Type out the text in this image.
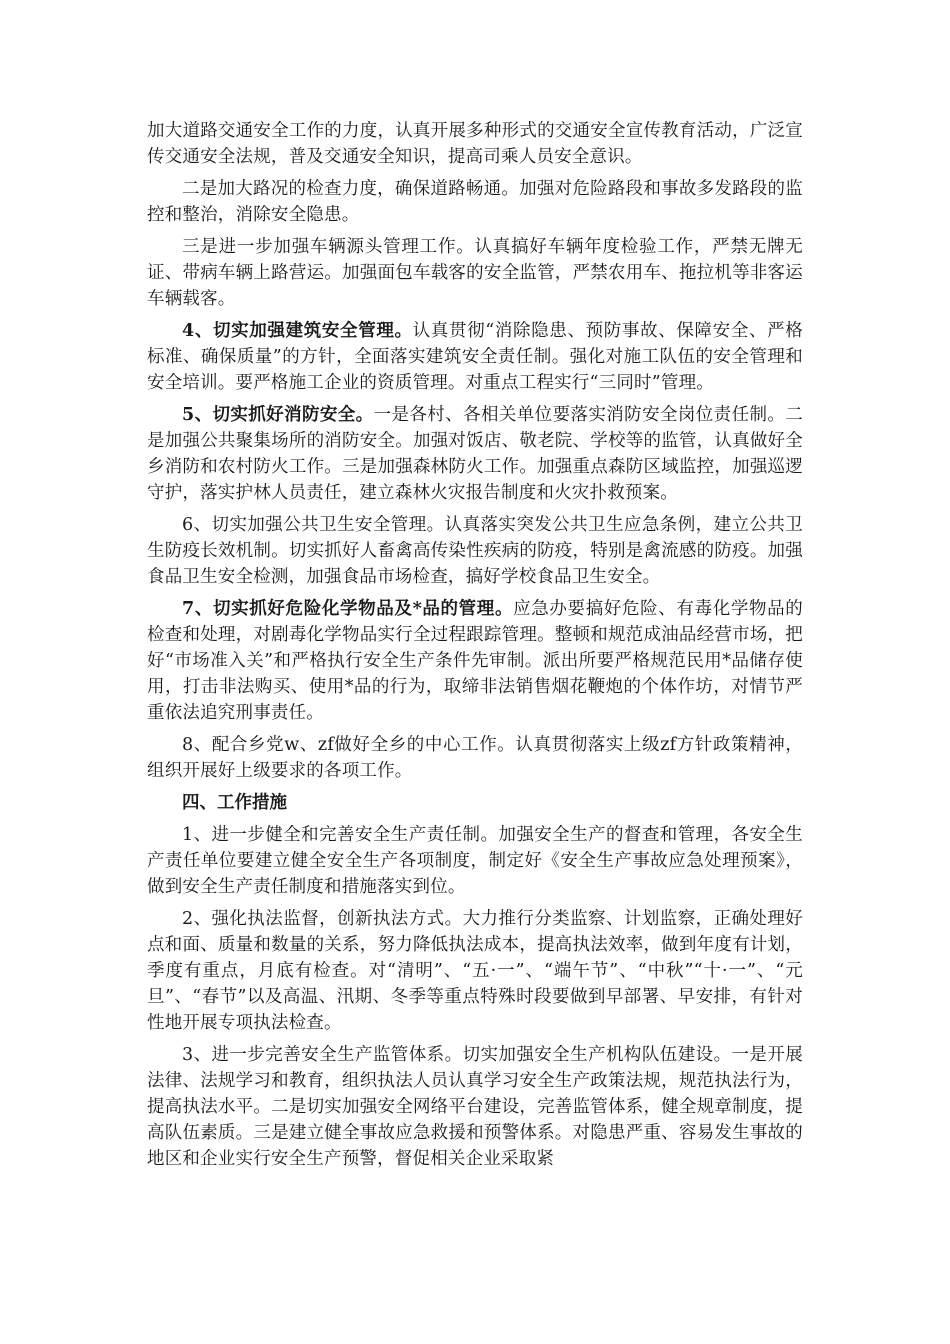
加大道路交通安全工作的力度，认真开展多种形式的交通安全宣传教育活动，广泛宣传交通安全法规，普及交通安全知识，提高司乘人员安全意识。

二是加大路况的检查力度，确保道路畅通。加强对危险路段和事故多发路段的监控和整治，消除安全隐患。

三是进一步加强车辆源头管理工作。认真搞好车辆年度检验工作，严禁无牌无证、带病车辆上路营运。加强面包车载客的安全监管，严禁农用车、拖拉机等非客运车辆载客。

4、切实加强建筑安全管理。认真贯彻“消除隐患、预防事故、保障安全、严格标准、确保质量”的方针，全面落实建筑安全责任制。强化对施工队伍的安全管理和安全培训。要严格施工企业的资质管理。对重点工程实行“三同时”管理。

5、切实抓好消防安全。一是各村、各相关单位要落实消防安全岗位责任制。二是加强公共聚集场所的消防安全。加强对饭店、敬老院、学校等的监管，认真做好全乡消防和农村防火工作。三是加强森林防火工作。加强重点森防区域监控，加强巡逻守护，落实护林人员责任，建立森林火灾报告制度和火灾扑救预案。

6、切实加强公共卫生安全管理。认真落实突发公共卫生应急条例，建立公共卫生防疫长效机制。切实抓好人畜禽高传染性疾病的防疫，特别是禽流感的防疫。加强食品卫生安全检测，加强食品市场检查，搞好学校食品卫生安全。

7、切实抓好危险化学物品及*品的管理。应急办要搞好危险、有毒化学物品的检查和处理，对剧毒化学物品实行全过程跟踪管理。整顿和规范成油品经营市场，把好“市场准入关”和严格执行安全生产条件先审制。派出所要严格规范民用*品储存使用，打击非法购买、使用*品的行为，取缔非法销售烟花鞭炮的个体作坊，对情节严重依法追究刑事责任。

8、配合乡党w、zf做好全乡的中心工作。认真贯彻落实上级zf方针政策精神，组织开展好上级要求的各项工作。

四、工作措施

1、进一步健全和完善安全生产责任制。加强安全生产的督查和管理，各安全生产责任单位要建立健全安全生产各项制度，制定好《安全生产事故应急处理预案》，做到安全生产责任制度和措施落实到位。

2、强化执法监督，创新执法方式。大力推行分类监察、计划监察，正确处理好点和面、质量和数量的关系，努力降低执法成本，提高执法效率，做到年度有计划，季度有重点，月底有检查。对“清明”、“五·一”、“端午节”、“中秋”“十·一”、“元旦”、“春节”以及高温、汛期、冬季等重点特殊时段要做到早部署、早安排，有针对性地开展专项执法检查。

3、进一步完善安全生产监管体系。切实加强安全生产机构队伍建设。一是开展法律、法规学习和教育，组织执法人员认真学习安全生产政策法规，规范执法行为，提高执法水平。二是切实加强安全网络平台建设，完善监管体系，健全规章制度，提高队伍素质。三是建立健全事故应急救援和预警体系。对隐患严重、容易发生事故的地区和企业实行安全生产预警，督促相关企业采取紧
